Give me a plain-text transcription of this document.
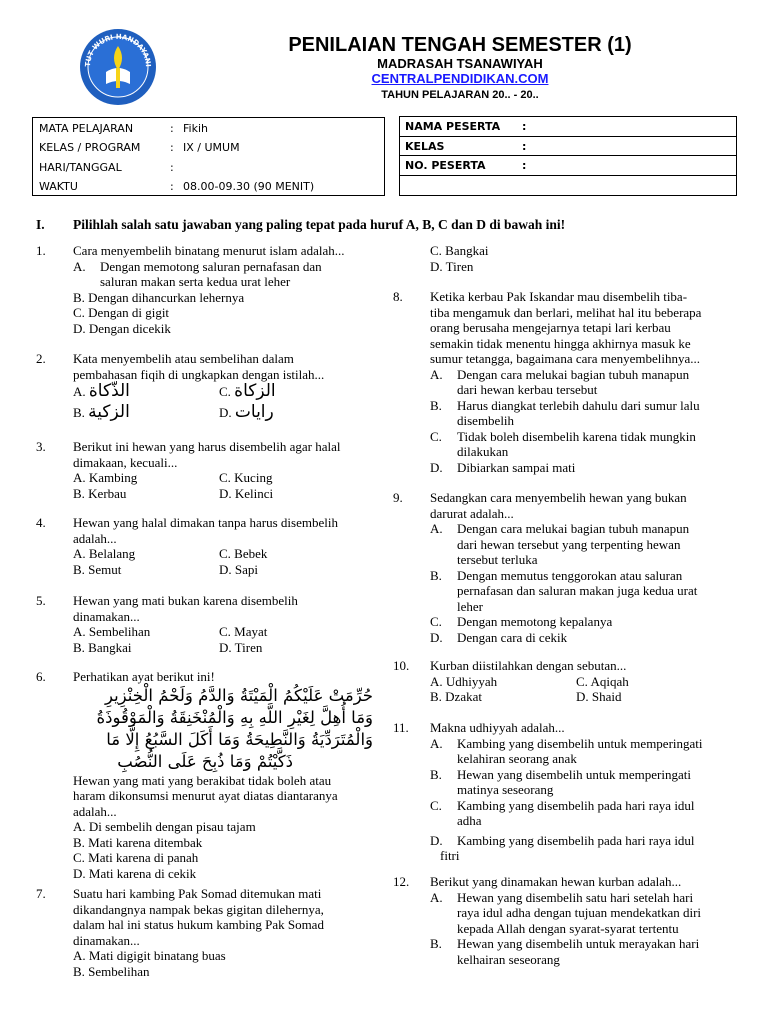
TUT WURI HANDAYANI
PENILAIAN TENGAH SEMESTER (1)
MADRASAH TSANAWIYAH
CENTRALPENDIDIKAN.COM
TAHUN PELAJARAN 20.. - 20..
MATA PELAJARAN	: Fikih
KELAS / PROGRAM	: IX / UMUM
HARI/TANGGAL	:
WAKTU	: 08.00-09.30 (90 MENIT)
NAMA PESERTA :
KELAS	:
NO. PESERTA	:
I. Pilihlah salah satu jawaban yang paling tepat pada huruf A, B, C dan D di bawah ini!
1. Cara menyembelih binatang menurut islam adalah...
A.	Dengan memotong saluran pernafasan dan
saluran makan serta kedua urat leher
B. Dengan dihancurkan lehernya
C. Dengan di gigit
D. Dengan dicekik
2. Kata menyembelih atau sembelihan dalam
pembahasan fiqih di ungkapkan dengan istilah...
A. الذّكاة	C. الزكاة
B. الزكية	D. رايات
3. Berikut ini hewan yang harus disembelih agar halal
dimakaan, kecuali...
A. Kambing	C. Kucing
B. Kerbau	D. Kelinci
4. Hewan yang halal dimakan tanpa harus disembelih
adalah...
A. Belalang	C. Bebek
B. Semut	D. Sapi
5. Hewan yang mati bukan karena disembelih
dinamakan...
A. Sembelihan	C. Mayat
B. Bangkai	D. Tiren
6. Perhatikan ayat berikut ini!
حُرِّمَتْ عَلَيْكُمُ الْمَيْتَةُ وَالدَّمُ وَلَحْمُ الْخِنْزِيرِ
وَمَا أُهِلَّ لِغَيْرِ اللَّهِ بِهِ وَالْمُنْخَنِقَةُ وَالْمَوْقُوذَةُ
وَالْمُتَرَدِّيَةُ وَالنَّطِيحَةُ وَمَا أَكَلَ السَّبُعُ إِلَّا مَا
ذَكَّيْتُمْ وَمَا ذُبِحَ عَلَى النُّصُبِ
Hewan yang mati yang berakibat tidak boleh atau
haram dikonsumsi menurut ayat diatas diantaranya
adalah...
A. Di sembelih dengan pisau tajam
B. Mati karena ditembak
C. Mati karena di panah
D. Mati karena di cekik
7. Suatu hari kambing Pak Somad ditemukan mati
dikandangnya nampak bekas gigitan dilehernya,
dalam hal ini status hukum kambing Pak Somad
dinamakan...
A. Mati digigit binatang buas
B. Sembelihan
C. Bangkai
D. Tiren
8. Ketika kerbau Pak Iskandar mau disembelih tiba-
tiba mengamuk dan berlari, melihat hal itu beberapa
orang berusaha mengejarnya tetapi lari kerbau
semakin tidak menentu hingga akhirnya masuk ke
sumur tetangga, bagaimana cara menyembelihnya...
A.	Dengan cara melukai bagian tubuh manapun
dari hewan kerbau tersebut
B.	Harus diangkat terlebih dahulu dari sumur lalu
disembelih
C.	Tidak boleh disembelih karena tidak mungkin
dilakukan
D.	Dibiarkan sampai mati
9. Sedangkan cara menyembelih hewan yang bukan
darurat adalah...
A.	Dengan cara melukai bagian tubuh manapun
dari hewan tersebut yang terpenting hewan
tersebut terluka
B.	Dengan memutus tenggorokan atau saluran
pernafasan dan saluran makan juga kedua urat
leher
C.	Dengan memotong kepalanya
D.	Dengan cara di cekik
10. Kurban diistilahkan dengan sebutan...
A. Udhiyyah	C. Aqiqah
B. Dzakat	D. Shaid
11. Makna udhiyyah adalah...
A.	Kambing yang disembelih untuk memperingati
kelahiran seorang anak
B.	Hewan yang disembelih untuk memperingati
matinya seseorang
C.	Kambing yang disembelih pada hari raya idul
adha
D.	Kambing yang disembelih pada hari raya idul
fitri
12. Berikut yang dinamakan hewan kurban adalah...
A.	Hewan yang disembelih satu hari setelah hari
raya idul adha dengan tujuan mendekatkan diri
kepada Allah dengan syarat-syarat tertentu
B.	Hewan yang disembelih untuk merayakan hari
kelhairan seseorang
